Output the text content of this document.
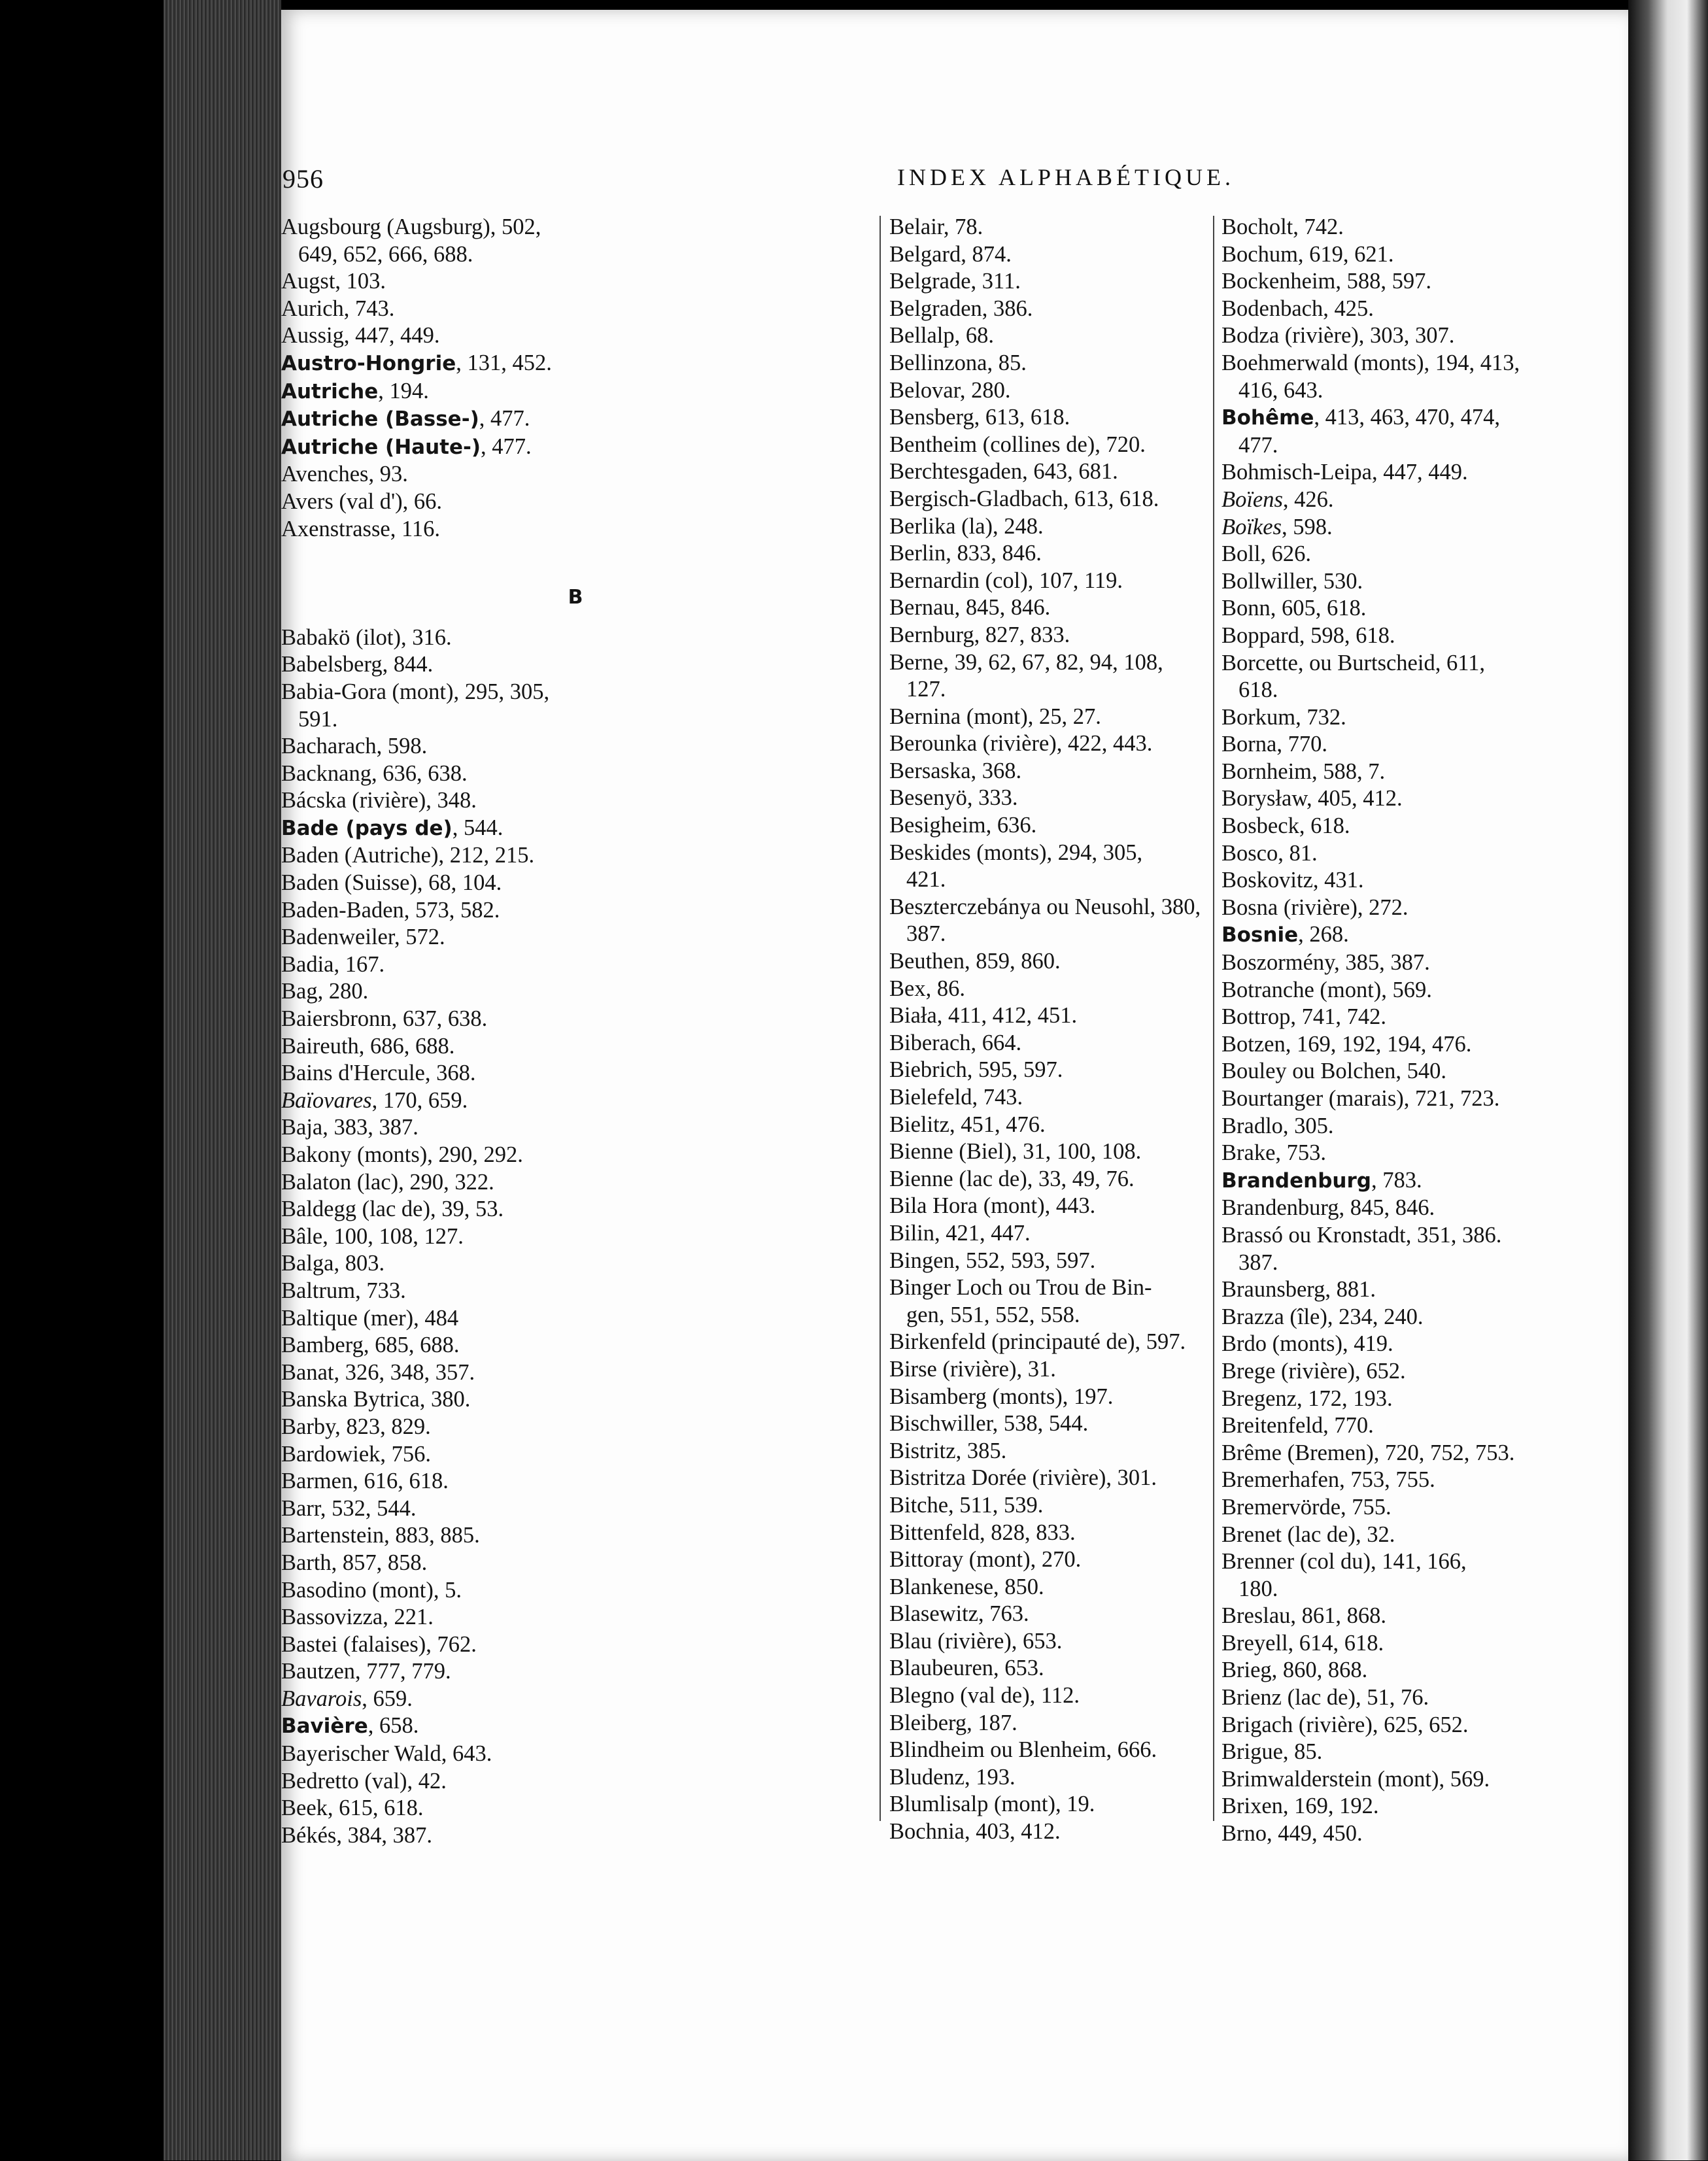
956	INDEX ALPHABÉTIQUE.
Augsbourg (Augsburg), 502,
649, 652, 666, 688.
Augst, 103.
Aurich, 743.
Aussig, 447, 449.
Austro-Hongrie, 131, 452.
Autriche, 194.
Autriche (Basse-), 477.
Autriche (Haute-), 477.
Avenches, 93.
Avers (val d'), 66.
Axenstrasse, 116.
B
Babakö (ilot), 316.
Babelsberg, 844.
Babia-Gora (mont), 295, 305,
591.
Bacharach, 598.
Backnang, 636, 638.
Bácska (rivière), 348.
Bade (pays de), 544.
Baden (Autriche), 212, 215.
Baden (Suisse), 68, 104.
Baden-Baden, 573, 582.
Badenweiler, 572.
Badia, 167.
Bag, 280.
Baiersbronn, 637, 638.
Baireuth, 686, 688.
Bains d'Hercule, 368.
Baïovares, 170, 659.
Baja, 383, 387.
Bakony (monts), 290, 292.
Balaton (lac), 290, 322.
Baldegg (lac de), 39, 53.
Bâle, 100, 108, 127.
Balga, 803.
Baltrum, 733.
Baltique (mer), 484
Bamberg, 685, 688.
Banat, 326, 348, 357.
Banska Bytrica, 380.
Barby, 823, 829.
Bardowiek, 756.
Barmen, 616, 618.
Barr, 532, 544.
Bartenstein, 883, 885.
Barth, 857, 858.
Basodino (mont), 5.
Bassovizza, 221.
Bastei (falaises), 762.
Bautzen, 777, 779.
Bavarois, 659.
Bavière, 658.
Bayerischer Wald, 643.
Bedretto (val), 42.
Beek, 615, 618.
Békés, 384, 387.
Belair, 78.
Belgard, 874.
Belgrade, 311.
Belgraden, 386.
Bellalp, 68.
Bellinzona, 85.
Belovar, 280.
Bensberg, 613, 618.
Bentheim (collines de), 720.
Berchtesgaden, 643, 681.
Bergisch-Gladbach, 613, 618.
Berlika (la), 248.
Berlin, 833, 846.
Bernardin (col), 107, 119.
Bernau, 845, 846.
Bernburg, 827, 833.
Berne, 39, 62, 67, 82, 94, 108,
127.
Bernina (mont), 25, 27.
Berounka (rivière), 422, 443.
Bersaska, 368.
Besenyö, 333.
Besigheim, 636.
Beskides (monts), 294, 305,
421.
Beszterczebánya ou Neusohl, 380,
387.
Beuthen, 859, 860.
Bex, 86.
Biała, 411, 412, 451.
Biberach, 664.
Biebrich, 595, 597.
Bielefeld, 743.
Bielitz, 451, 476.
Bienne (Biel), 31, 100, 108.
Bienne (lac de), 33, 49, 76.
Bila Hora (mont), 443.
Bilin, 421, 447.
Bingen, 552, 593, 597.
Binger Loch ou Trou de Bin-
gen, 551, 552, 558.
Birkenfeld (principauté de), 597.
Birse (rivière), 31.
Bisamberg (monts), 197.
Bischwiller, 538, 544.
Bistritz, 385.
Bistritza Dorée (rivière), 301.
Bitche, 511, 539.
Bittenfeld, 828, 833.
Bittoray (mont), 270.
Blankenese, 850.
Blasewitz, 763.
Blau (rivière), 653.
Blaubeuren, 653.
Blegno (val de), 112.
Bleiberg, 187.
Blindheim ou Blenheim, 666.
Bludenz, 193.
Blumlisalp (mont), 19.
Bochnia, 403, 412.
Bocholt, 742.
Bochum, 619, 621.
Bockenheim, 588, 597.
Bodenbach, 425.
Bodza (rivière), 303, 307.
Boehmerwald (monts), 194, 413,
416, 643.
Bohême, 413, 463, 470, 474,
477.
Bohmisch-Leipa, 447, 449.
Boïens, 426.
Boïkes, 598.
Boll, 626.
Bollwiller, 530.
Bonn, 605, 618.
Boppard, 598, 618.
Borcette, ou Burtscheid, 611,
618.
Borkum, 732.
Borna, 770.
Bornheim, 588, 7.
Borysław, 405, 412.
Bosbeck, 618.
Bosco, 81.
Boskovitz, 431.
Bosna (rivière), 272.
Bosnie, 268.
Boszormény, 385, 387.
Botranche (mont), 569.
Bottrop, 741, 742.
Botzen, 169, 192, 194, 476.
Bouley ou Bolchen, 540.
Bourtanger (marais), 721, 723.
Bradlo, 305.
Brake, 753.
Brandenburg, 783.
Brandenburg, 845, 846.
Brassó ou Kronstadt, 351, 386.
387.
Braunsberg, 881.
Brazza (île), 234, 240.
Brdo (monts), 419.
Brege (rivière), 652.
Bregenz, 172, 193.
Breitenfeld, 770.
Brême (Bremen), 720, 752, 753.
Bremerhafen, 753, 755.
Bremervörde, 755.
Brenet (lac de), 32.
Brenner (col du), 141, 166,
180.
Breslau, 861, 868.
Breyell, 614, 618.
Brieg, 860, 868.
Brienz (lac de), 51, 76.
Brigach (rivière), 625, 652.
Brigue, 85.
Brimwalderstein (mont), 569.
Brixen, 169, 192.
Brno, 449, 450.
